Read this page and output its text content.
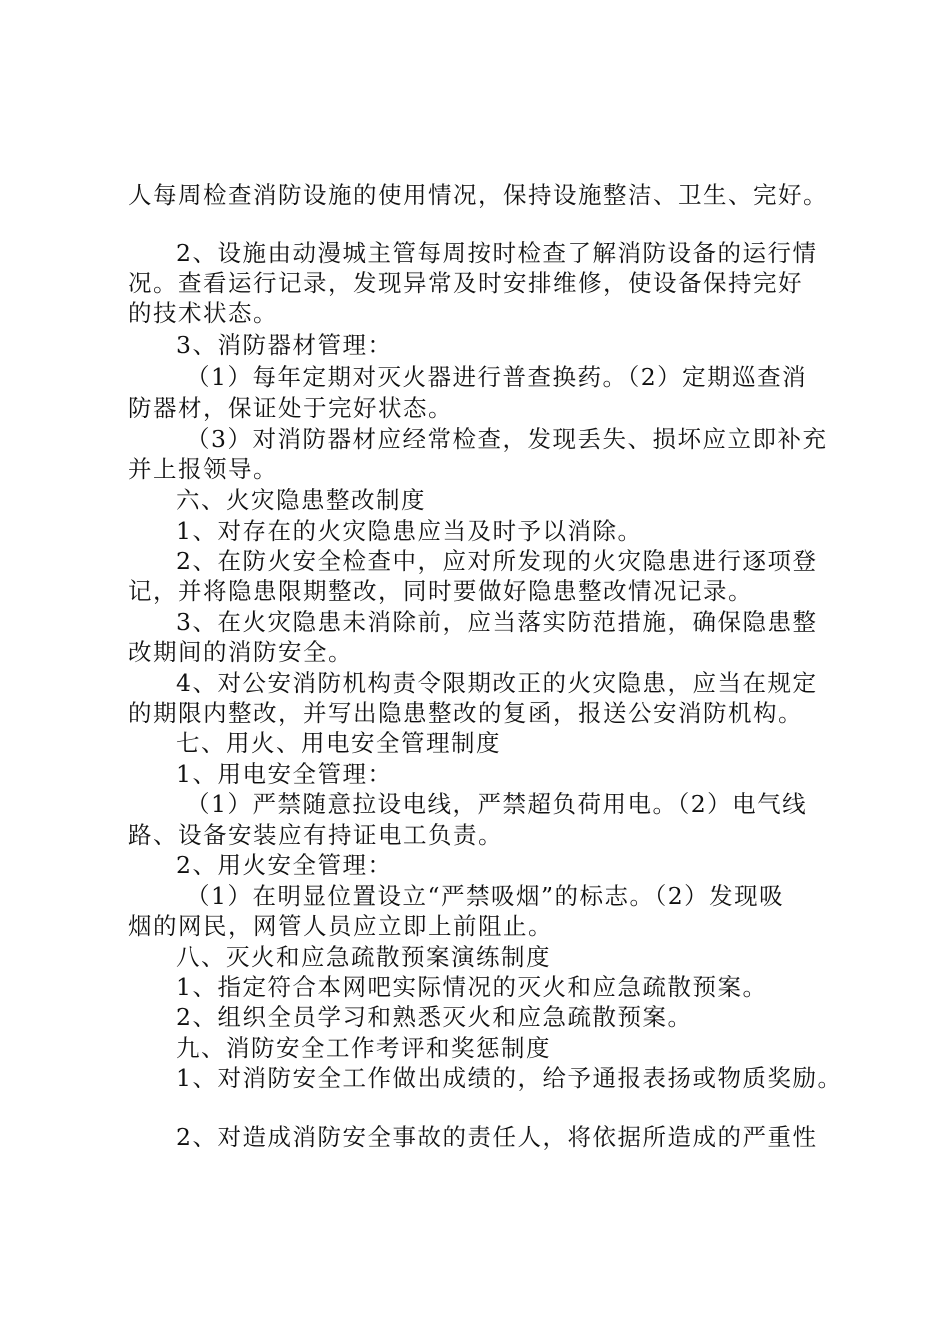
人每周检查消防设施的使用情况，保持设施整洁、卫生、完好。
2、设施由动漫城主管每周按时检查了解消防设备的运行情
况。查看运行记录，发现异常及时安排维修，使设备保持完好
的技术状态。
3、消防器材管理：
（1）每年定期对灭火器进行普查换药。（2）定期巡查消
防器材，保证处于完好状态。
（3）对消防器材应经常检查，发现丢失、损坏应立即补充
并上报领导。
六、火灾隐患整改制度
1、对存在的火灾隐患应当及时予以消除。
2、在防火安全检查中，应对所发现的火灾隐患进行逐项登
记，并将隐患限期整改，同时要做好隐患整改情况记录。
3、在火灾隐患未消除前，应当落实防范措施，确保隐患整
改期间的消防安全。
4、对公安消防机构责令限期改正的火灾隐患，应当在规定
的期限内整改，并写出隐患整改的复函，报送公安消防机构。
七、用火、用电安全管理制度
1、用电安全管理：
（1）严禁随意拉设电线，严禁超负荷用电。（2）电气线
路、设备安装应有持证电工负责。
2、用火安全管理：
（1）在明显位置设立“严禁吸烟”的标志。（2）发现吸
烟的网民，网管人员应立即上前阻止。
八、灭火和应急疏散预案演练制度
1、指定符合本网吧实际情况的灭火和应急疏散预案。
2、组织全员学习和熟悉灭火和应急疏散预案。
九、消防安全工作考评和奖惩制度
1、对消防安全工作做出成绩的，给予通报表扬或物质奖励。
2、对造成消防安全事故的责任人，将依据所造成的严重性
